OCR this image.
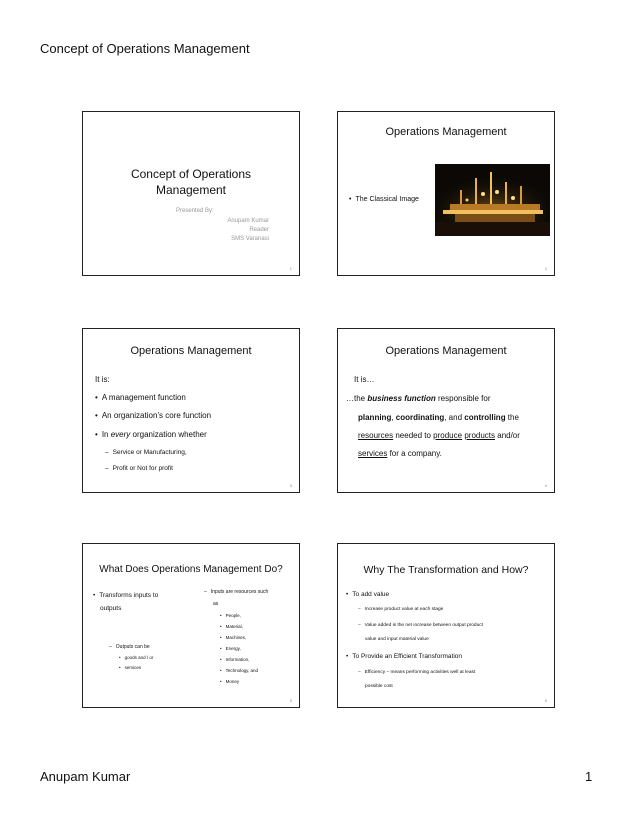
Concept of Operations Management
Concept of Operations
Management
Presented By:
Anupam Kumar
Reader
SMS Varanasi
1
Operations Management
• The Classical Image
2
Operations Management
It is:
• A management function
• An organization’s core function
• In every organization whether
– Service or Manufacturing,
– Profit or Not for profit
3
Operations Management
It is…
…the business function responsible for
planning, coordinating, and controlling the
resources needed to produce products and/or
services for a company.
4
What Does Operations Management Do?
• Transforms inputs to
outputs
– Outputs can be
• goods and / or
• services
– Inputs are resources such
as
• People,
• Material,
• Machines,
• Energy,
• Information,
• Technology, and
• Money
5
Why The Transformation and How?
• To add value
– Increase product value at each stage
– Value added is the net increase between output product
value and input material value
• To Provide an Efficient Transformation
– Efficiency – means performing activities well at least
possible cost
6
Anupam Kumar	1
